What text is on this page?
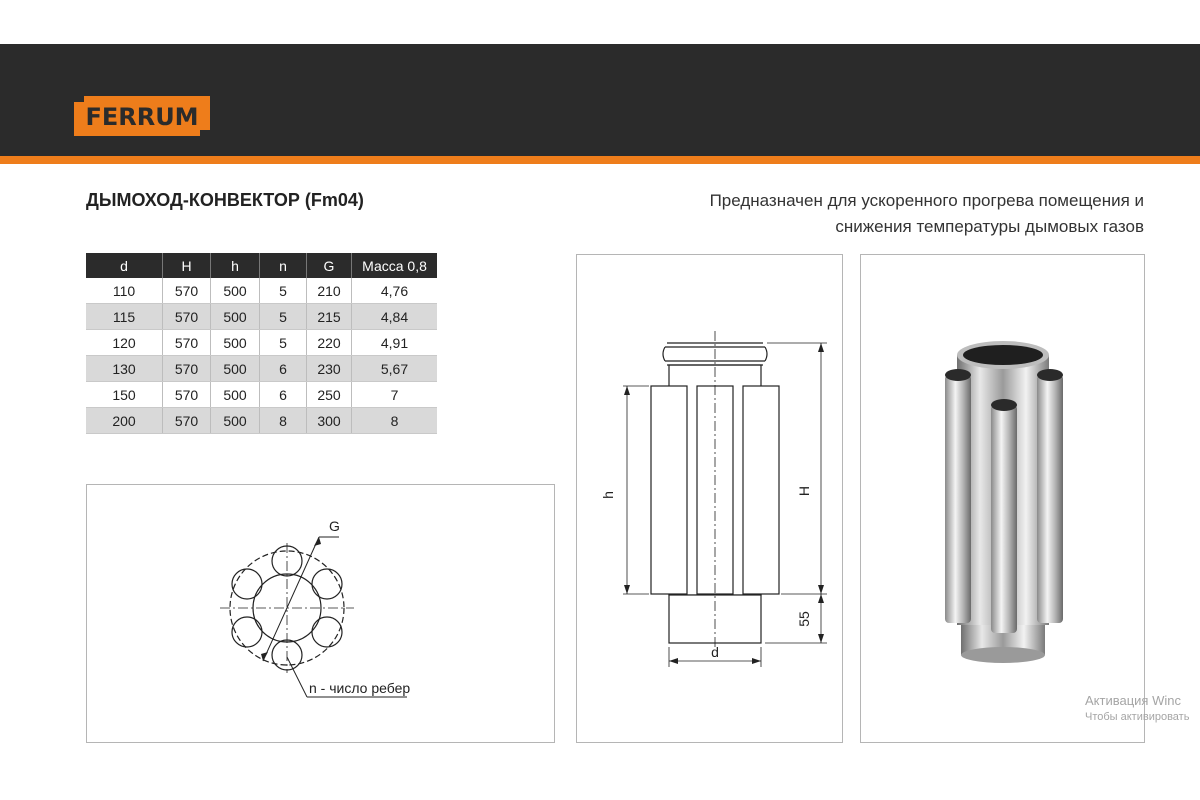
FERRUM
ДЫМОХОД-КОНВЕКТОР (Fm04)	Предназначен для ускоренного прогрева помещения и
снижения температуры дымовых газов
d	H	h	n	G	Масса 0,8
110	570	500	5	210	4,76
115	570	500	5	215	4,84
120	570	500	5	220	4,91
130	570	500	6	230	5,67
150	570	500	6	250	7
200	570	500	8	300	8
G
n - число ребер
h	H
55
d
Активация Winc
Чтобы активировать
